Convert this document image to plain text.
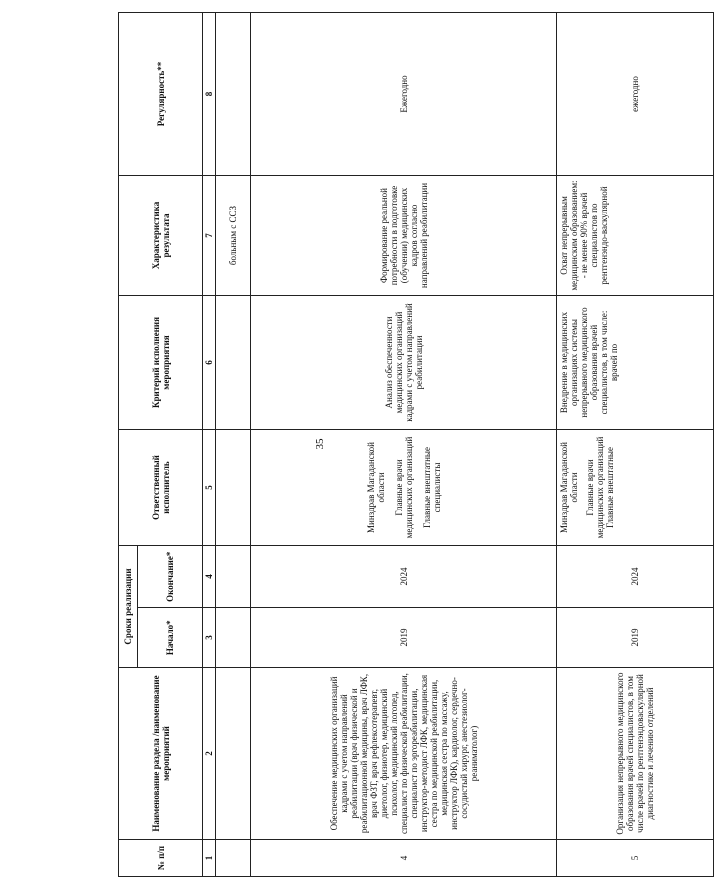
35
№ п/п
Наименование раздела /наименование мероприятий
Сроки реализации	Начало*
Окончание*
Ответственный исполнитель
Критерий исполнения мероприятия
Характеристика результата
Регулярность**
1
2
3
4
5
6
7
8
больным с ССЗ
4
Обеспечение медицинских организаций кадрами с учетом направлений реабилитации (врач физической и реабилитационной медицины, врач ЛФК, врач ФЗТ, врач рефлексотерапевт, диетолог, физиотер, медицинский психолог, медицинский логопед, специалист по физической реабилитации, специалист по эргореабилитации, инструктор-методист ЛФК, медицинская сестра по медицинской реабилитации, медицинская сестра по массажу, инструктор ЛФК), кардиолог, сердечно-сосудистый хирург, анестезиолог-реаниматолог)
2019
2024
Минздрав Магаданской области Главные врачи медицинских организаций Главные внештатные специалисты
Анализ обеспеченности медицинских организаций кадрами с учетом направлений реабилитации
Формирование реальной потребности в подготовке (обучении) медицинских кадров согласно направлений реабилитации
Ежегодно
5
Организация непрерывного медицинского образования врачей специалистов, в том числе врачей по рентгенэндоваскулярной диагностике и лечению отделений
2019
2024
Минздрав Магаданской области Главные врачи медицинских организаций Главные внештатные
Внедрение в медицинских организациях системы непрерывного медицинского образования врачей специалистов, в том числе: врачей по
Охват непрерывным медицинским образованием: - не менее 90% врачей специалистов по рентгенэндо-васкулярной
ежегодно
